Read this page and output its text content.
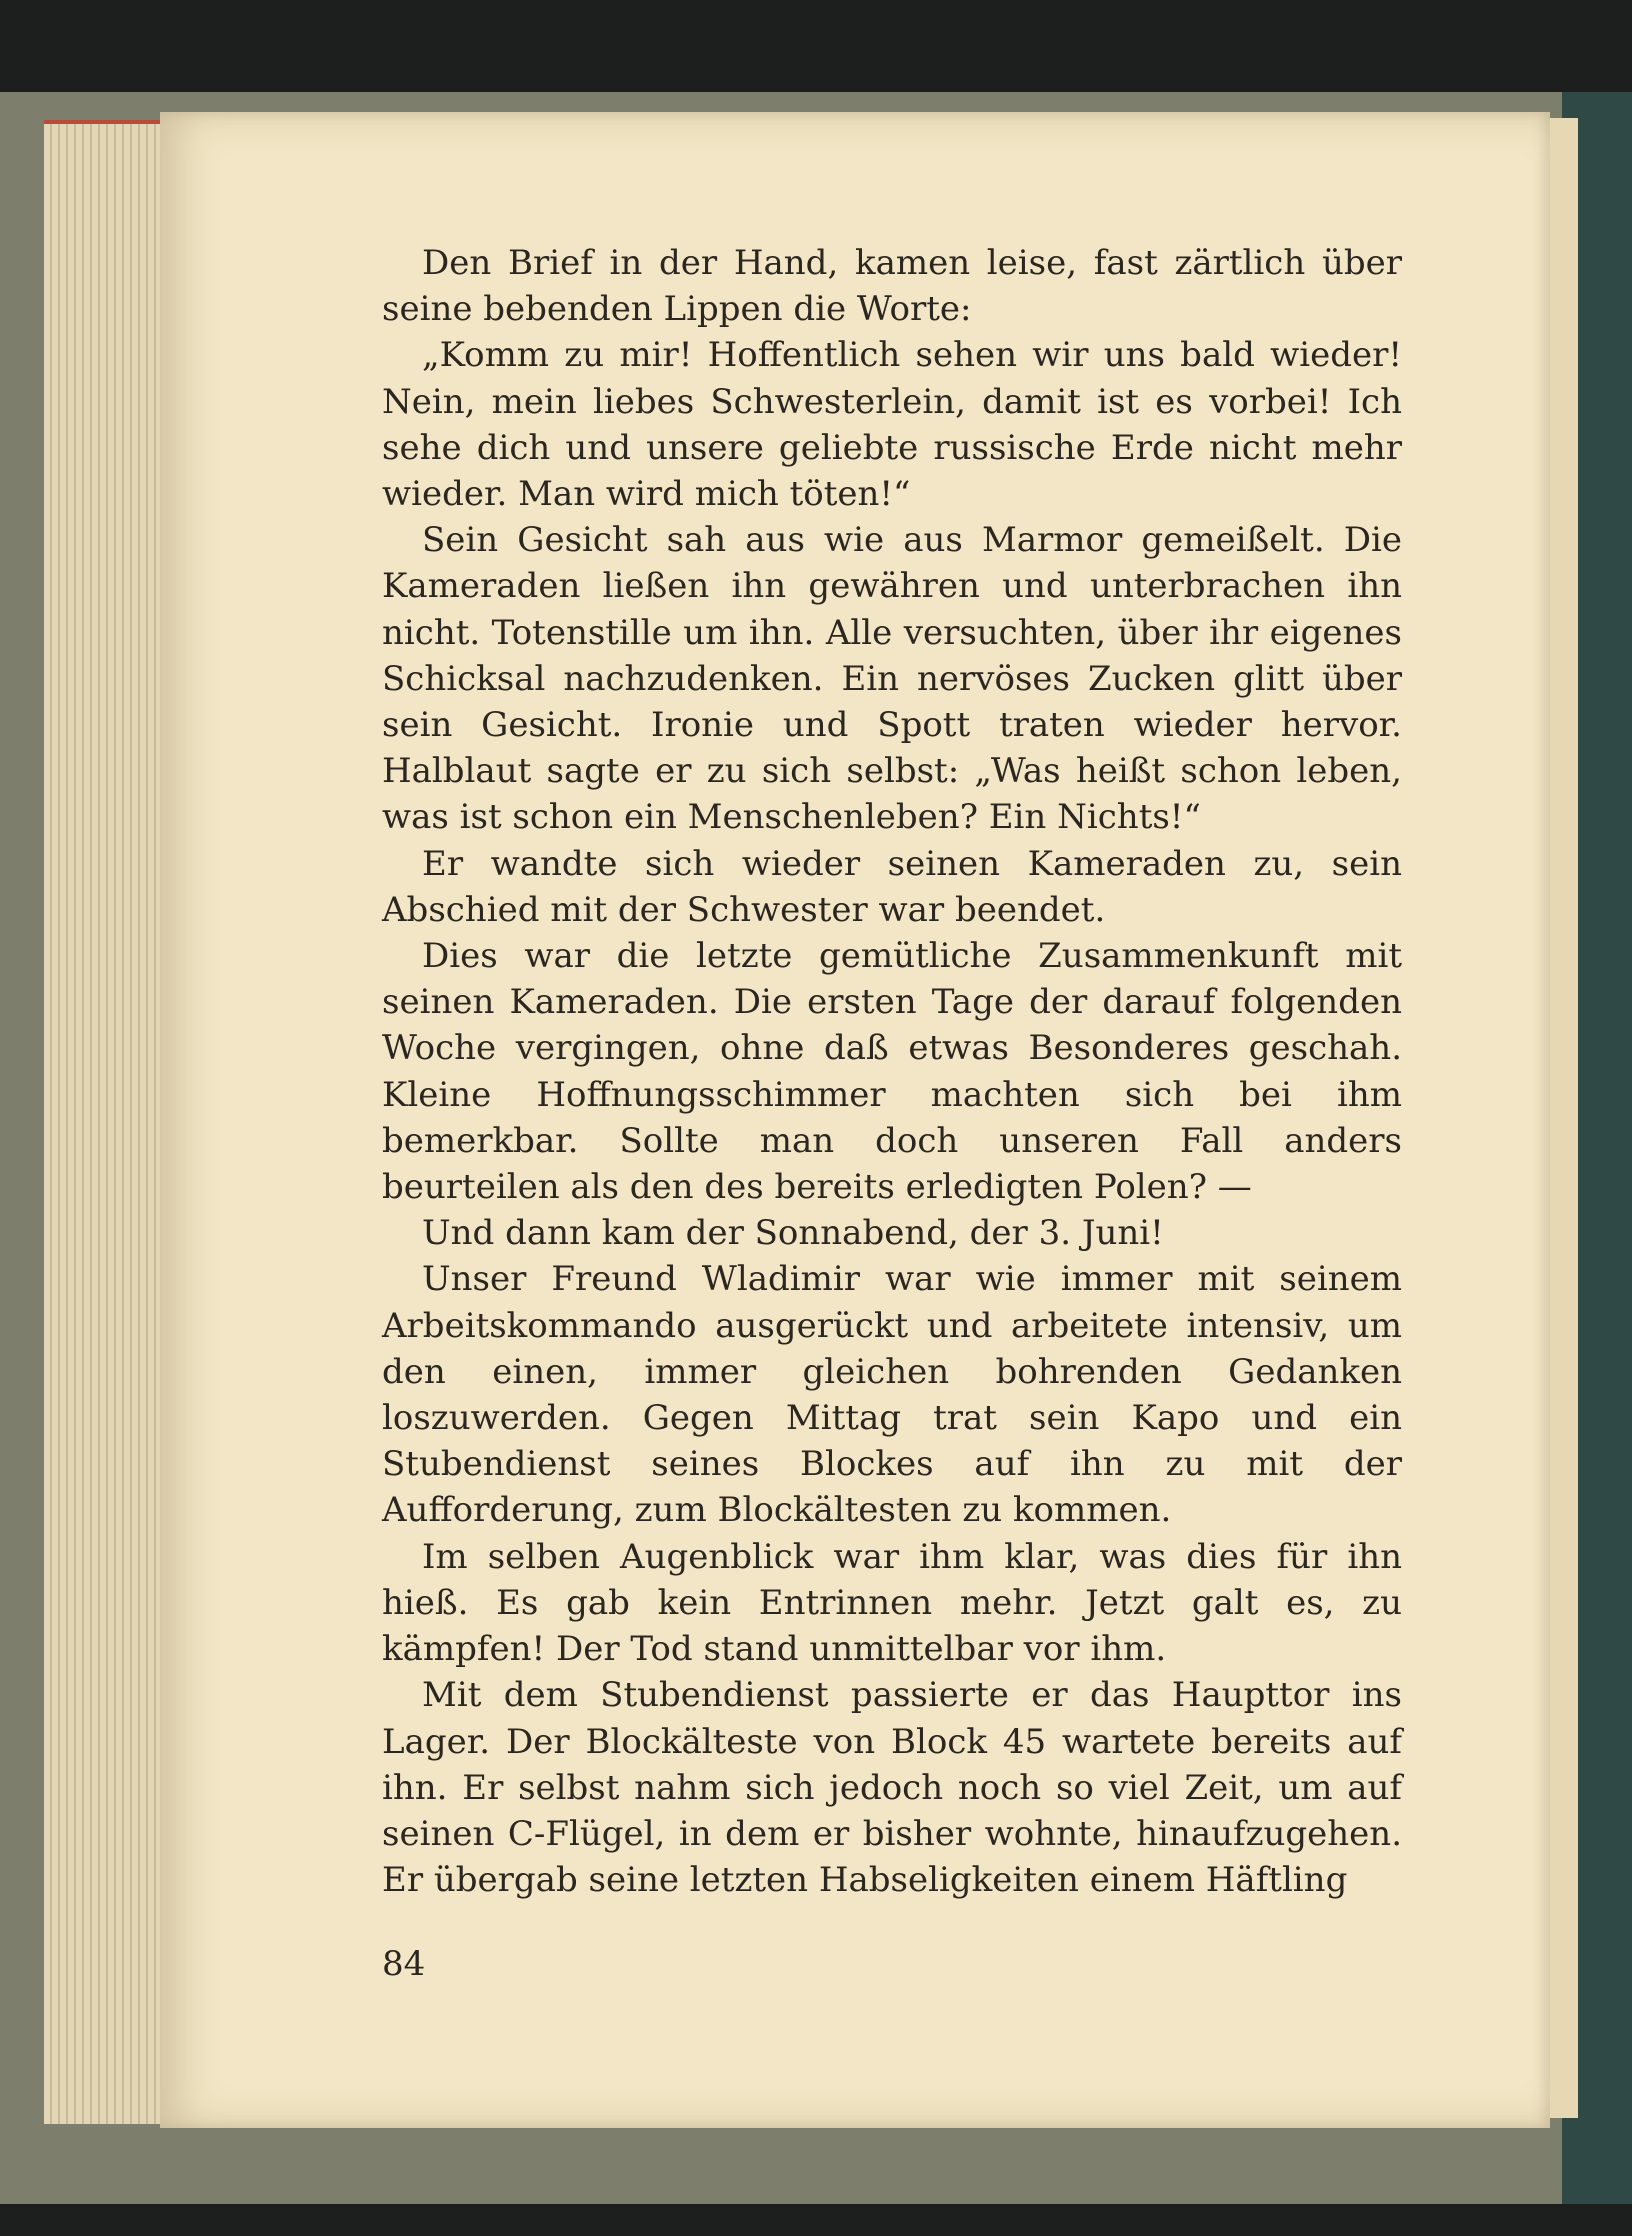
Den Brief in der Hand, kamen leise, fast zärtlich über seine bebenden Lippen die Worte:

„Komm zu mir! Hoffentlich sehen wir uns bald wieder! Nein, mein liebes Schwesterlein, damit ist es vorbei! Ich sehe dich und unsere geliebte russische Erde nicht mehr wieder. Man wird mich töten!“

Sein Gesicht sah aus wie aus Marmor gemeißelt. Die Kameraden ließen ihn gewähren und unterbrachen ihn nicht. Totenstille um ihn. Alle versuchten, über ihr eigenes Schicksal nachzudenken. Ein nervöses Zucken glitt über sein Gesicht. Ironie und Spott traten wieder hervor. Halblaut sagte er zu sich selbst: „Was heißt schon leben, was ist schon ein Menschenleben? Ein Nichts!“

Er wandte sich wieder seinen Kameraden zu, sein Abschied mit der Schwester war beendet.

Dies war die letzte gemütliche Zusammenkunft mit seinen Kameraden. Die ersten Tage der darauf folgenden Woche vergingen, ohne daß etwas Besonderes geschah. Kleine Hoffnungsschimmer machten sich bei ihm bemerkbar. Sollte man doch unseren Fall anders beurteilen als den des bereits erledigten Polen? —

Und dann kam der Sonnabend, der 3. Juni!

Unser Freund Wladimir war wie immer mit seinem Arbeitskommando ausgerückt und arbeitete intensiv, um den einen, immer gleichen bohrenden Gedanken loszuwerden. Gegen Mittag trat sein Kapo und ein Stubendienst seines Blockes auf ihn zu mit der Aufforderung, zum Blockältesten zu kommen.

Im selben Augenblick war ihm klar, was dies für ihn hieß. Es gab kein Entrinnen mehr. Jetzt galt es, zu kämpfen! Der Tod stand unmittelbar vor ihm.

Mit dem Stubendienst passierte er das Haupttor ins Lager. Der Blockälteste von Block 45 wartete bereits auf ihn. Er selbst nahm sich jedoch noch so viel Zeit, um auf seinen C-Flügel, in dem er bisher wohnte, hinaufzugehen. Er übergab seine letzten Habseligkeiten einem Häftling

84
